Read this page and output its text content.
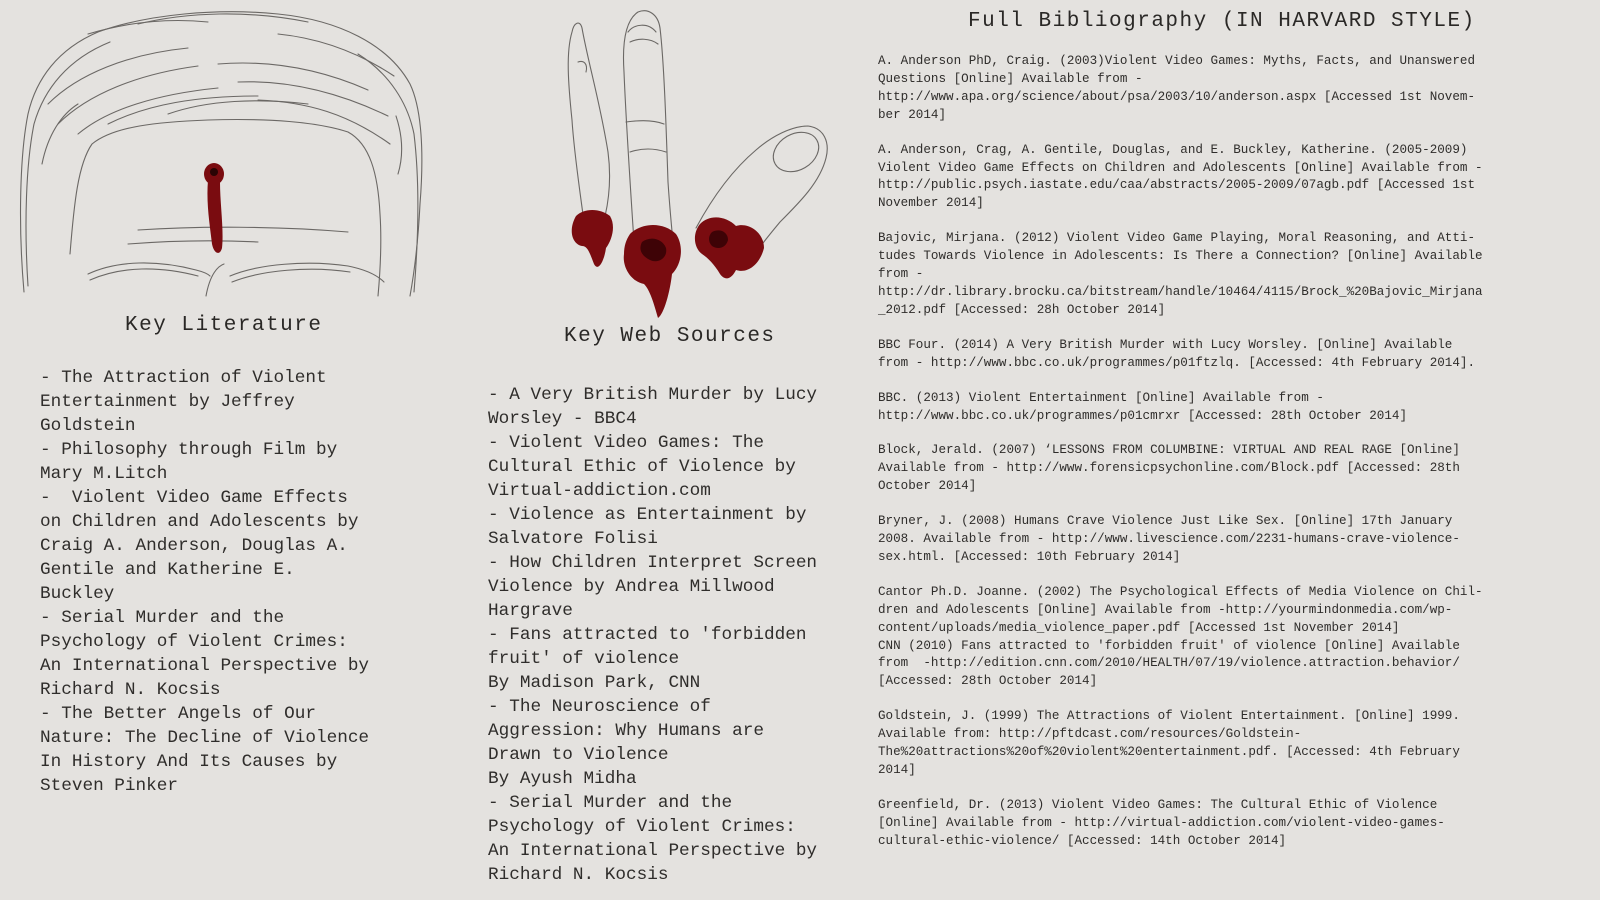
Key Literature
- The Attraction of Violent
Entertainment by Jeffrey
Goldstein
- Philosophy through Film by
Mary M.Litch
-  Violent Video Game Effects
on Children and Adolescents by
Craig A. Anderson, Douglas A.
Gentile and Katherine E.
Buckley
- Serial Murder and the
Psychology of Violent Crimes:
An International Perspective by
Richard N. Kocsis
- The Better Angels of Our
Nature: The Decline of Violence
In History And Its Causes by
Steven Pinker
Key Web Sources
- A Very British Murder by Lucy
Worsley - BBC4
- Violent Video Games: The
Cultural Ethic of Violence by
Virtual-addiction.com
- Violence as Entertainment by
Salvatore Folisi
- How Children Interpret Screen
Violence by Andrea Millwood
Hargrave
- Fans attracted to 'forbidden
fruit' of violence
By Madison Park, CNN
- The Neuroscience of
Aggression: Why Humans are
Drawn to Violence
By Ayush Midha
- Serial Murder and the
Psychology of Violent Crimes:
An International Perspective by
Richard N. Kocsis
Full Bibliography (IN HARVARD STYLE)
A. Anderson PhD, Craig. (2003)Violent Video Games: Myths, Facts, and Unanswered
Questions [Online] Available from -
http://www.apa.org/science/about/psa/2003/10/anderson.aspx [Accessed 1st Novem-
ber 2014]
A. Anderson, Crag, A. Gentile, Douglas, and E. Buckley, Katherine. (2005-2009)
Violent Video Game Effects on Children and Adolescents [Online] Available from -
http://public.psych.iastate.edu/caa/abstracts/2005-2009/07agb.pdf [Accessed 1st
November 2014]
Bajovic, Mirjana. (2012) Violent Video Game Playing, Moral Reasoning, and Atti-
tudes Towards Violence in Adolescents: Is There a Connection? [Online] Available
from -
http://dr.library.brocku.ca/bitstream/handle/10464/4115/Brock_%20Bajovic_Mirjana
_2012.pdf [Accessed: 28h October 2014]
BBC Four. (2014) A Very British Murder with Lucy Worsley. [Online] Available
from - http://www.bbc.co.uk/programmes/p01ftzlq. [Accessed: 4th February 2014].
BBC. (2013) Violent Entertainment [Online] Available from -
http://www.bbc.co.uk/programmes/p01cmrxr [Accessed: 28th October 2014]
Block, Jerald. (2007) ‘LESSONS FROM COLUMBINE: VIRTUAL AND REAL RAGE [Online]
Available from - http://www.forensicpsychonline.com/Block.pdf [Accessed: 28th
October 2014]
Bryner, J. (2008) Humans Crave Violence Just Like Sex. [Online] 17th January
2008. Available from - http://www.livescience.com/2231-humans-crave-violence-
sex.html. [Accessed: 10th February 2014]
Cantor Ph.D. Joanne. (2002) The Psychological Effects of Media Violence on Chil-
dren and Adolescents [Online] Available from -http://yourmindonmedia.com/wp-
content/uploads/media_violence_paper.pdf [Accessed 1st November 2014]
CNN (2010) Fans attracted to 'forbidden fruit' of violence [Online] Available
from  -http://edition.cnn.com/2010/HEALTH/07/19/violence.attraction.behavior/
[Accessed: 28th October 2014]
Goldstein, J. (1999) The Attractions of Violent Entertainment. [Online] 1999.
Available from: http://pftdcast.com/resources/Goldstein-
The%20attractions%20of%20violent%20entertainment.pdf. [Accessed: 4th February
2014]
Greenfield, Dr. (2013) Violent Video Games: The Cultural Ethic of Violence
[Online] Available from - http://virtual-addiction.com/violent-video-games-
cultural-ethic-violence/ [Accessed: 14th October 2014]
